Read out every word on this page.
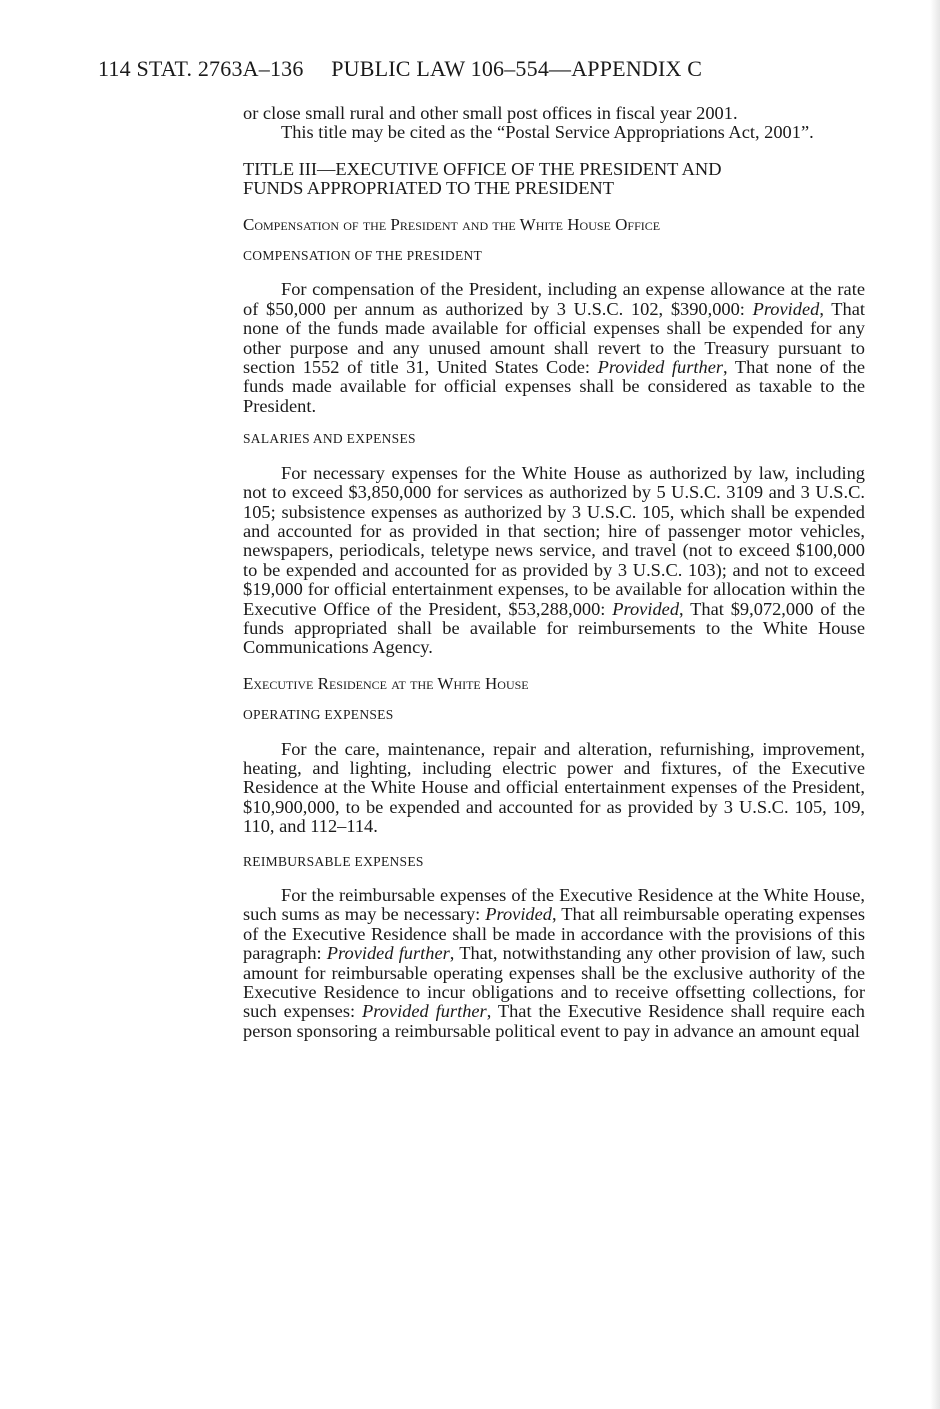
114 STAT. 2763A–136 PUBLIC LAW 106–554—APPENDIX C

or close small rural and other small post offices in fiscal year 2001.

This title may be cited as the “Postal Service Appropriations Act, 2001”.

TITLE III—EXECUTIVE OFFICE OF THE PRESIDENT AND

FUNDS APPROPRIATED TO THE PRESIDENT

Compensation of the President and the White House Office

COMPENSATION OF THE PRESIDENT

For compensation of the President, including an expense allowance at the rate of $50,000 per annum as authorized by 3 U.S.C. 102, $390,000: Provided, That none of the funds made available for official expenses shall be expended for any other purpose and any unused amount shall revert to the Treasury pursuant to section 1552 of title 31, United States Code: Provided further, That none of the funds made available for official expenses shall be considered as taxable to the President.

SALARIES AND EXPENSES

For necessary expenses for the White House as authorized by law, including not to exceed $3,850,000 for services as authorized by 5 U.S.C. 3109 and 3 U.S.C. 105; subsistence expenses as authorized by 3 U.S.C. 105, which shall be expended and accounted for as provided in that section; hire of passenger motor vehicles, newspapers, periodicals, teletype news service, and travel (not to exceed $100,000 to be expended and accounted for as provided by 3 U.S.C. 103); and not to exceed $19,000 for official entertainment expenses, to be available for allocation within the Executive Office of the President, $53,288,000: Provided, That $9,072,000 of the funds appropriated shall be available for reimbursements to the White House Communications Agency.

Executive Residence at the White House

OPERATING EXPENSES

For the care, maintenance, repair and alteration, refurnishing, improvement, heating, and lighting, including electric power and fixtures, of the Executive Residence at the White House and official entertainment expenses of the President, $10,900,000, to be expended and accounted for as provided by 3 U.S.C. 105, 109, 110, and 112–114.

REIMBURSABLE EXPENSES

For the reimbursable expenses of the Executive Residence at the White House, such sums as may be necessary: Provided, That all reimbursable operating expenses of the Executive Residence shall be made in accordance with the provisions of this paragraph: Provided further, That, notwithstanding any other provision of law, such amount for reimbursable operating expenses shall be the exclusive authority of the Executive Residence to incur obligations and to receive offsetting collections, for such expenses: Provided further, That the Executive Residence shall require each person sponsoring a reimbursable political event to pay in advance an amount equal
